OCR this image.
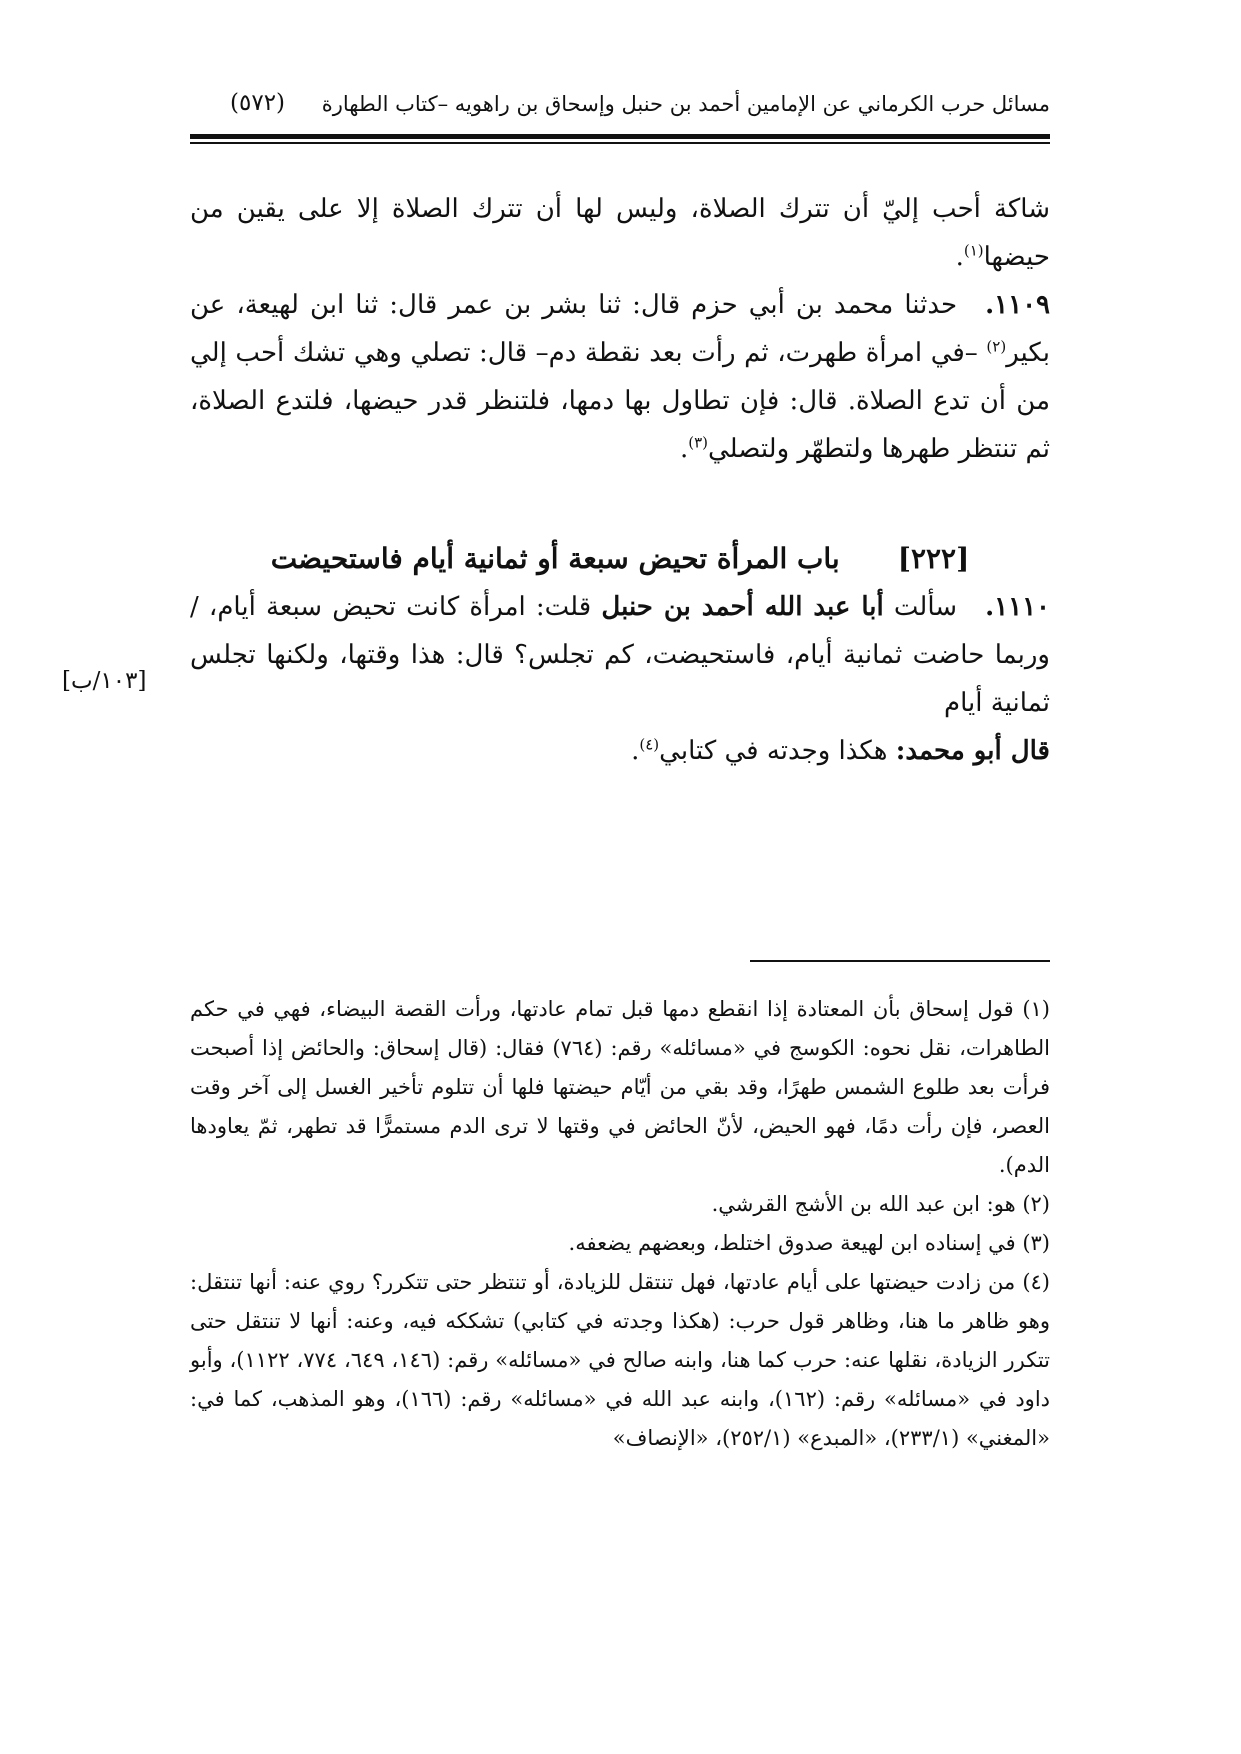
مسائل حرب الكرماني عن الإمامين أحمد بن حنبل وإسحاق بن راهويه –كتاب الطهارة
(٥٧٢)

شاكة أحب إليّ أن تترك الصلاة، وليس لها أن تترك الصلاة إلا على يقين من حيضها$^{(١)}$.

١١٠٩.حدثنا محمد بن أبي حزم قال: ثنا بشر بن عمر قال: ثنا ابن لهيعة، عن بكير$^{(٢)}$ –في امرأة طهرت، ثم رأت بعد نقطة دم– قال: تصلي وهي تشك أحب إلي من أن تدع الصلاة. قال: فإن تطاول بها دمها، فلتنظر قدر حيضها، فلتدع الصلاة، ثم تنتظر طهرها ولتطهّر ولتصلي$^{(٣)}$.

[٢٢٢]باب المرأة تحيض سبعة أو ثمانية أيام فاستحيضت

١١١٠.سألت أبا عبد الله أحمد بن حنبل قلت: امرأة كانت تحيض سبعة أيام، / وربما حاضت ثمانية أيام، فاستحيضت، كم تجلس؟ قال: هذا وقتها، ولكنها تجلس ثمانية أيام

قال أبو محمد: هكذا وجدته في كتابي$^{(٤)}$.

[١٠٣/ب]

(١) قول إسحاق بأن المعتادة إذا انقطع دمها قبل تمام عادتها، ورأت القصة البيضاء، فهي في حكم الطاهرات، نقل نحوه: الكوسج في «مسائله» رقم: (٧٦٤) فقال: (قال إسحاق: والحائض إذا أصبحت فرأت بعد طلوع الشمس طهرًا، وقد بقي من أيّام حيضتها فلها أن تتلوم تأخير الغسل إلى آخر وقت العصر، فإن رأت دمًا، فهو الحيض، لأنّ الحائض في وقتها لا ترى الدم مستمرًّا قد تطهر، ثمّ يعاودها الدم).

(٢) هو: ابن عبد الله بن الأشج القرشي.

(٣) في إسناده ابن لهيعة صدوق اختلط، وبعضهم يضعفه.

(٤) من زادت حيضتها على أيام عادتها، فهل تنتقل للزيادة، أو تنتظر حتى تتكرر؟ روي عنه: أنها تنتقل: وهو ظاهر ما هنا، وظاهر قول حرب: (هكذا وجدته في كتابي) تشككه فيه، وعنه: أنها لا تنتقل حتى تتكرر الزيادة، نقلها عنه: حرب كما هنا، وابنه صالح في «مسائله» رقم: (١٤٦، ٦٤٩، ٧٧٤، ١١٢٢)، وأبو داود في «مسائله» رقم: (١٦٢)، وابنه عبد الله في «مسائله» رقم: (١٦٦)، وهو المذهب، كما في: «المغني» (٢٣٣/١)، «المبدع» (٢٥٢/١)، «الإنصاف»
